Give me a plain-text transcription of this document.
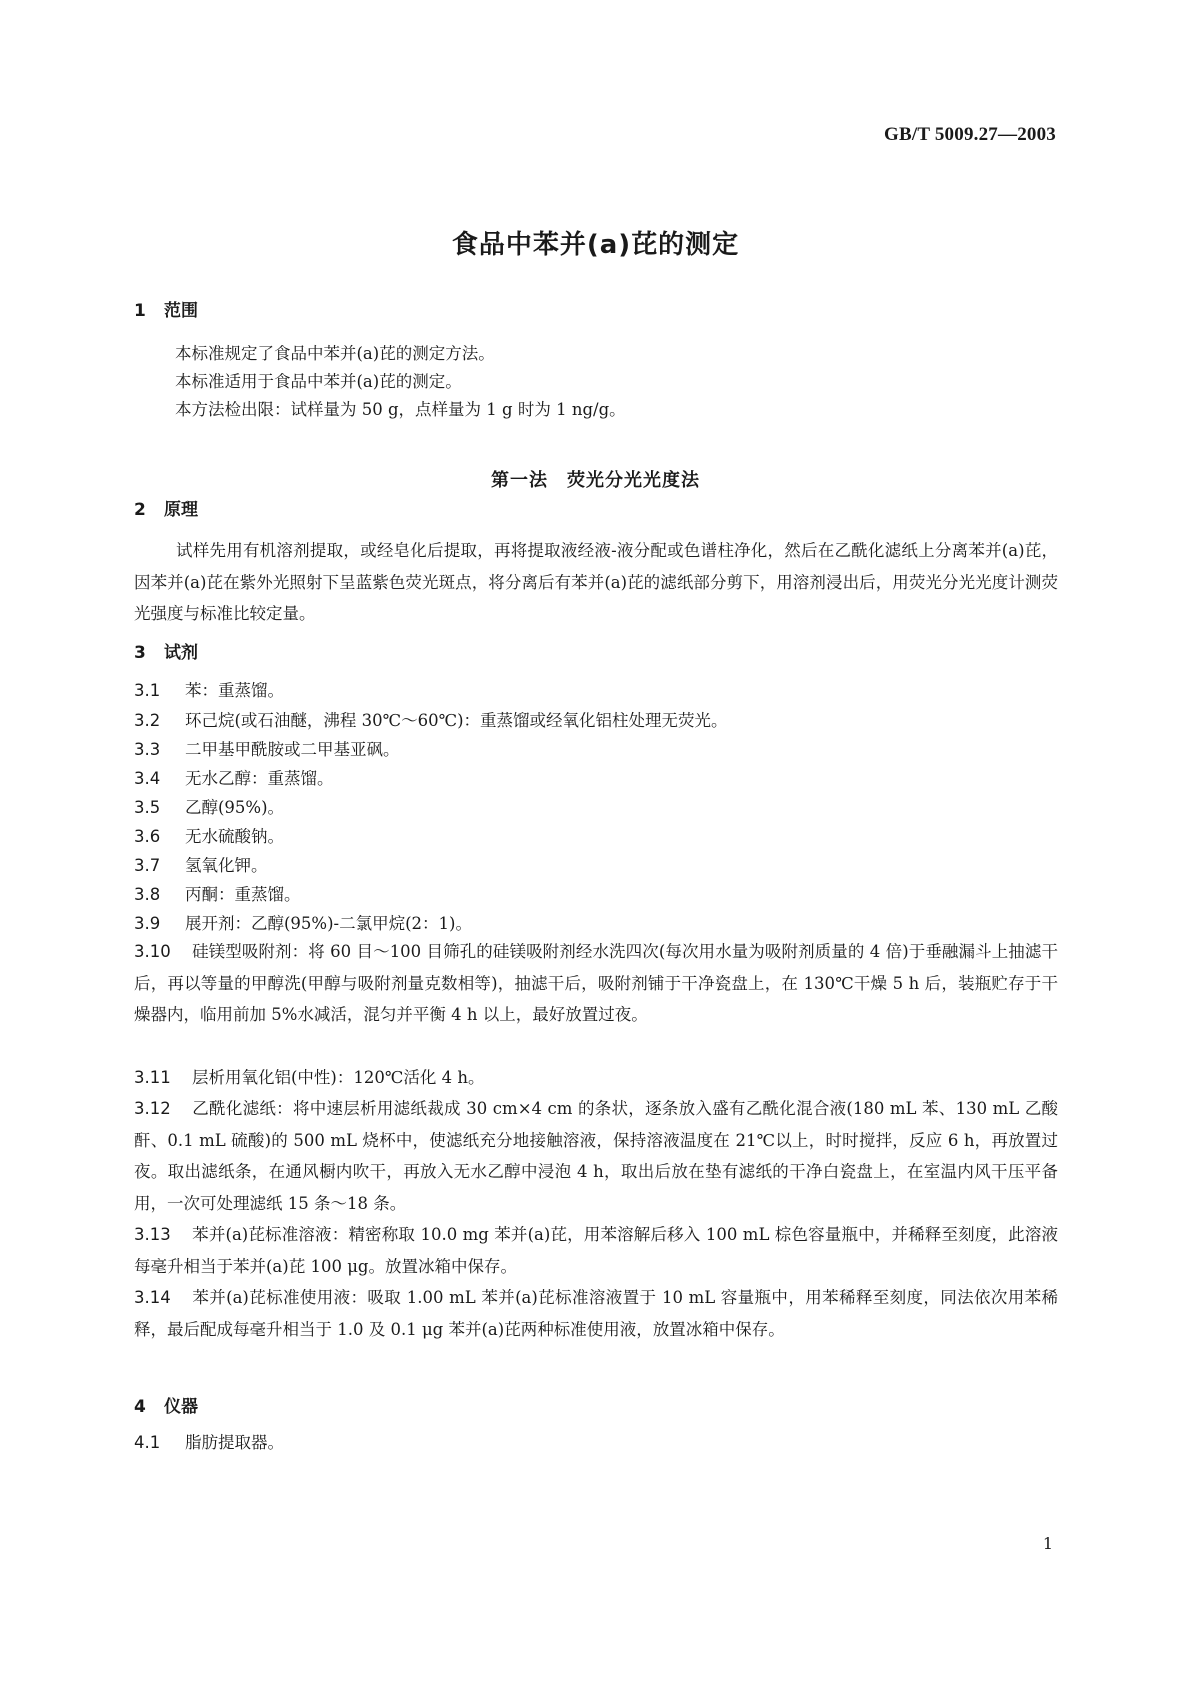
GB/T 5009.27—2003
食品中苯并(a)芘的测定
1 范围
本标准规定了食品中苯并(a)芘的测定方法。
本标准适用于食品中苯并(a)芘的测定。
本方法检出限：试样量为 50 g，点样量为 1 g 时为 1 ng/g。
第一法　荧光分光光度法
2 原理

试样先用有机溶剂提取，或经皂化后提取，再将提取液经液-液分配或色谱柱净化，然后在乙酰化滤纸上分离苯并(a)芘，因苯并(a)芘在紫外光照射下呈蓝紫色荧光斑点，将分离后有苯并(a)芘的滤纸部分剪下，用溶剂浸出后，用荧光分光光度计测荧光强度与标准比较定量。

3 试剂

3.1 苯：重蒸馏。

3.2 环己烷(或石油醚，沸程 30℃～60℃)：重蒸馏或经氧化铝柱处理无荧光。

3.3 二甲基甲酰胺或二甲基亚砜。

3.4 无水乙醇：重蒸馏。

3.5 乙醇(95%)。

3.6 无水硫酸钠。

3.7 氢氧化钾。

3.8 丙酮：重蒸馏。

3.9 展开剂：乙醇(95%)-二氯甲烷(2：1)。

3.10 硅镁型吸附剂：将 60 目～100 目筛孔的硅镁吸附剂经水洗四次(每次用水量为吸附剂质量的 4 倍)于垂融漏斗上抽滤干后，再以等量的甲醇洗(甲醇与吸附剂量克数相等)，抽滤干后，吸附剂铺于干净瓷盘上，在 130℃干燥 5 h 后，装瓶贮存于干燥器内，临用前加 5%水减活，混匀并平衡 4 h 以上，最好放置过夜。

3.11 层析用氧化铝(中性)：120℃活化 4 h。

3.12 乙酰化滤纸：将中速层析用滤纸裁成 30 cm×4 cm 的条状，逐条放入盛有乙酰化混合液(180 mL 苯、130 mL 乙酸酐、0.1 mL 硫酸)的 500 mL 烧杯中，使滤纸充分地接触溶液，保持溶液温度在 21℃以上，时时搅拌，反应 6 h，再放置过夜。取出滤纸条，在通风橱内吹干，再放入无水乙醇中浸泡 4 h，取出后放在垫有滤纸的干净白瓷盘上，在室温内风干压平备用，一次可处理滤纸 15 条～18 条。

3.13 苯并(a)芘标准溶液：精密称取 10.0 mg 苯并(a)芘，用苯溶解后移入 100 mL 棕色容量瓶中，并稀释至刻度，此溶液每毫升相当于苯并(a)芘 100 μg。放置冰箱中保存。

3.14 苯并(a)芘标准使用液：吸取 1.00 mL 苯并(a)芘标准溶液置于 10 mL 容量瓶中，用苯稀释至刻度，同法依次用苯稀释，最后配成每毫升相当于 1.0 及 0.1 μg 苯并(a)芘两种标准使用液，放置冰箱中保存。

4 仪器

4.1 脂肪提取器。

1
